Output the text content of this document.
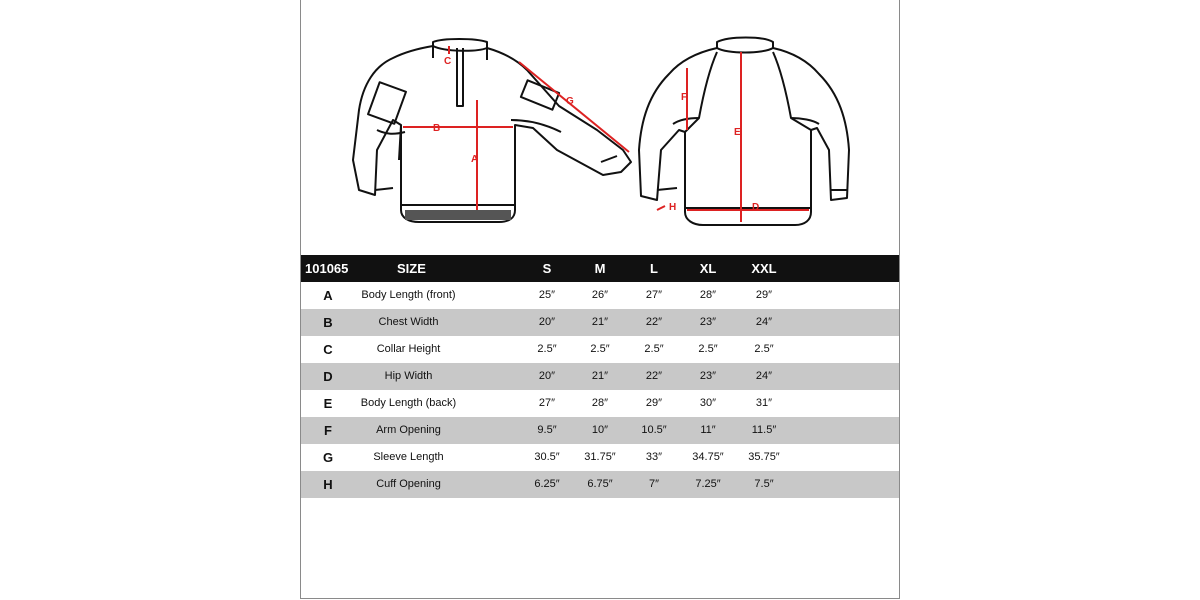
A
B
C
G	F
E
D
H
101065	SIZE	S	M	L	XL	XXL
A	Body Length (front)	25″	26″	27″	28″	29″
B	Chest Width	20″	21″	22″	23″	24″
C	Collar Height	2.5″	2.5″	2.5″	2.5″	2.5″
D	Hip Width	20″	21″	22″	23″	24″
E	Body Length (back)	27″	28″	29″	30″	31″
F	Arm Opening	9.5″	10″	10.5″	11″	11.5″
G	Sleeve Length	30.5″	31.75″	33″	34.75″	35.75″
H	Cuff Opening	6.25″	6.75″	7″	7.25″	7.5″
